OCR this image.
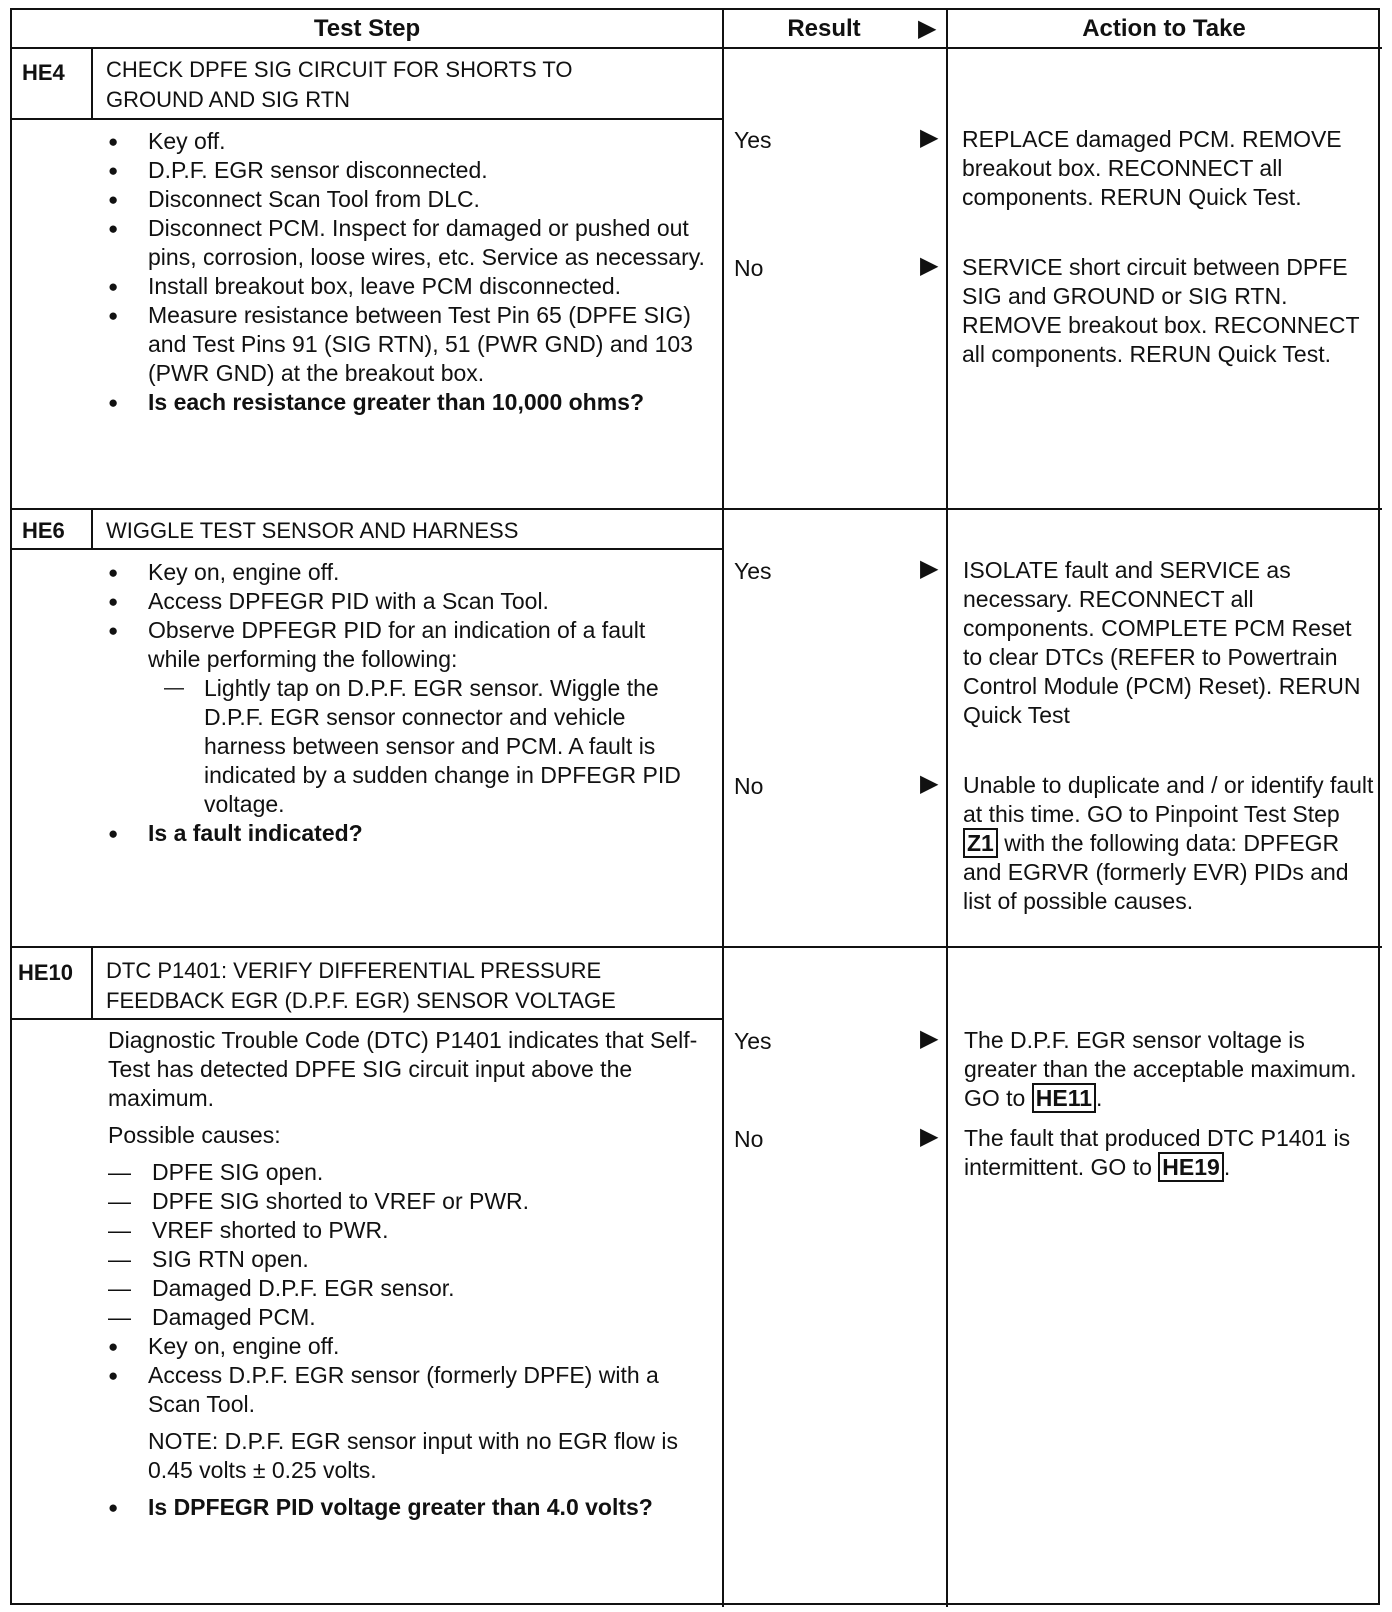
Test Step	Result	▶	Action to Take
HE4 CHECK DPFE SIG CIRCUIT FOR SHORTS TO GROUND AND SIG RTN
● Key off.
● D.P.F. EGR sensor disconnected.
● Disconnect Scan Tool from DLC.
● Disconnect PCM. Inspect for damaged or pushed out pins, corrosion, loose wires, etc. Service as necessary.
● Install breakout box, leave PCM disconnected.
● Measure resistance between Test Pin 65 (DPFE SIG) and Test Pins 91 (SIG RTN), 51 (PWR GND) and 103 (PWR GND) at the breakout box.
● Is each resistance greater than 10,000 ohms?
Yes	▶ REPLACE damaged PCM. REMOVE breakout box. RECONNECT all components. RERUN Quick Test.
No	▶ SERVICE short circuit between DPFE SIG and GROUND or SIG RTN. REMOVE breakout box. RECONNECT all components. RERUN Quick Test.
HE6 WIGGLE TEST SENSOR AND HARNESS
● Key on, engine off.
● Access DPFEGR PID with a Scan Tool.
● Observe DPFEGR PID for an indication of a fault while performing the following:
— Lightly tap on D.P.F. EGR sensor. Wiggle the D.P.F. EGR sensor connector and vehicle harness between sensor and PCM. A fault is indicated by a sudden change in DPFEGR PID voltage.
● Is a fault indicated?
Yes	▶ ISOLATE fault and SERVICE as necessary. RECONNECT all components. COMPLETE PCM Reset to clear DTCs (REFER to Powertrain Control Module (PCM) Reset). RERUN Quick Test
No	▶ Unable to duplicate and / or identify fault at this time. GO to Pinpoint Test Step Z1 with the following data: DPFEGR and EGRVR (formerly EVR) PIDs and list of possible causes.
HE10 DTC P1401: VERIFY DIFFERENTIAL PRESSURE FEEDBACK EGR (D.P.F. EGR) SENSOR VOLTAGE
Diagnostic Trouble Code (DTC) P1401 indicates that Self-Test has detected DPFE SIG circuit input above the maximum.
Possible causes:
— DPFE SIG open.
— DPFE SIG shorted to VREF or PWR.
— VREF shorted to PWR.
— SIG RTN open.
— Damaged D.P.F. EGR sensor.
— Damaged PCM.
● Key on, engine off.
● Access D.P.F. EGR sensor (formerly DPFE) with a Scan Tool.
NOTE: D.P.F. EGR sensor input with no EGR flow is 0.45 volts ± 0.25 volts.
● Is DPFEGR PID voltage greater than 4.0 volts?
Yes	▶ The D.P.F. EGR sensor voltage is greater than the acceptable maximum. GO to HE11 .
No	▶ The fault that produced DTC P1401 is intermittent. GO to HE19 .
